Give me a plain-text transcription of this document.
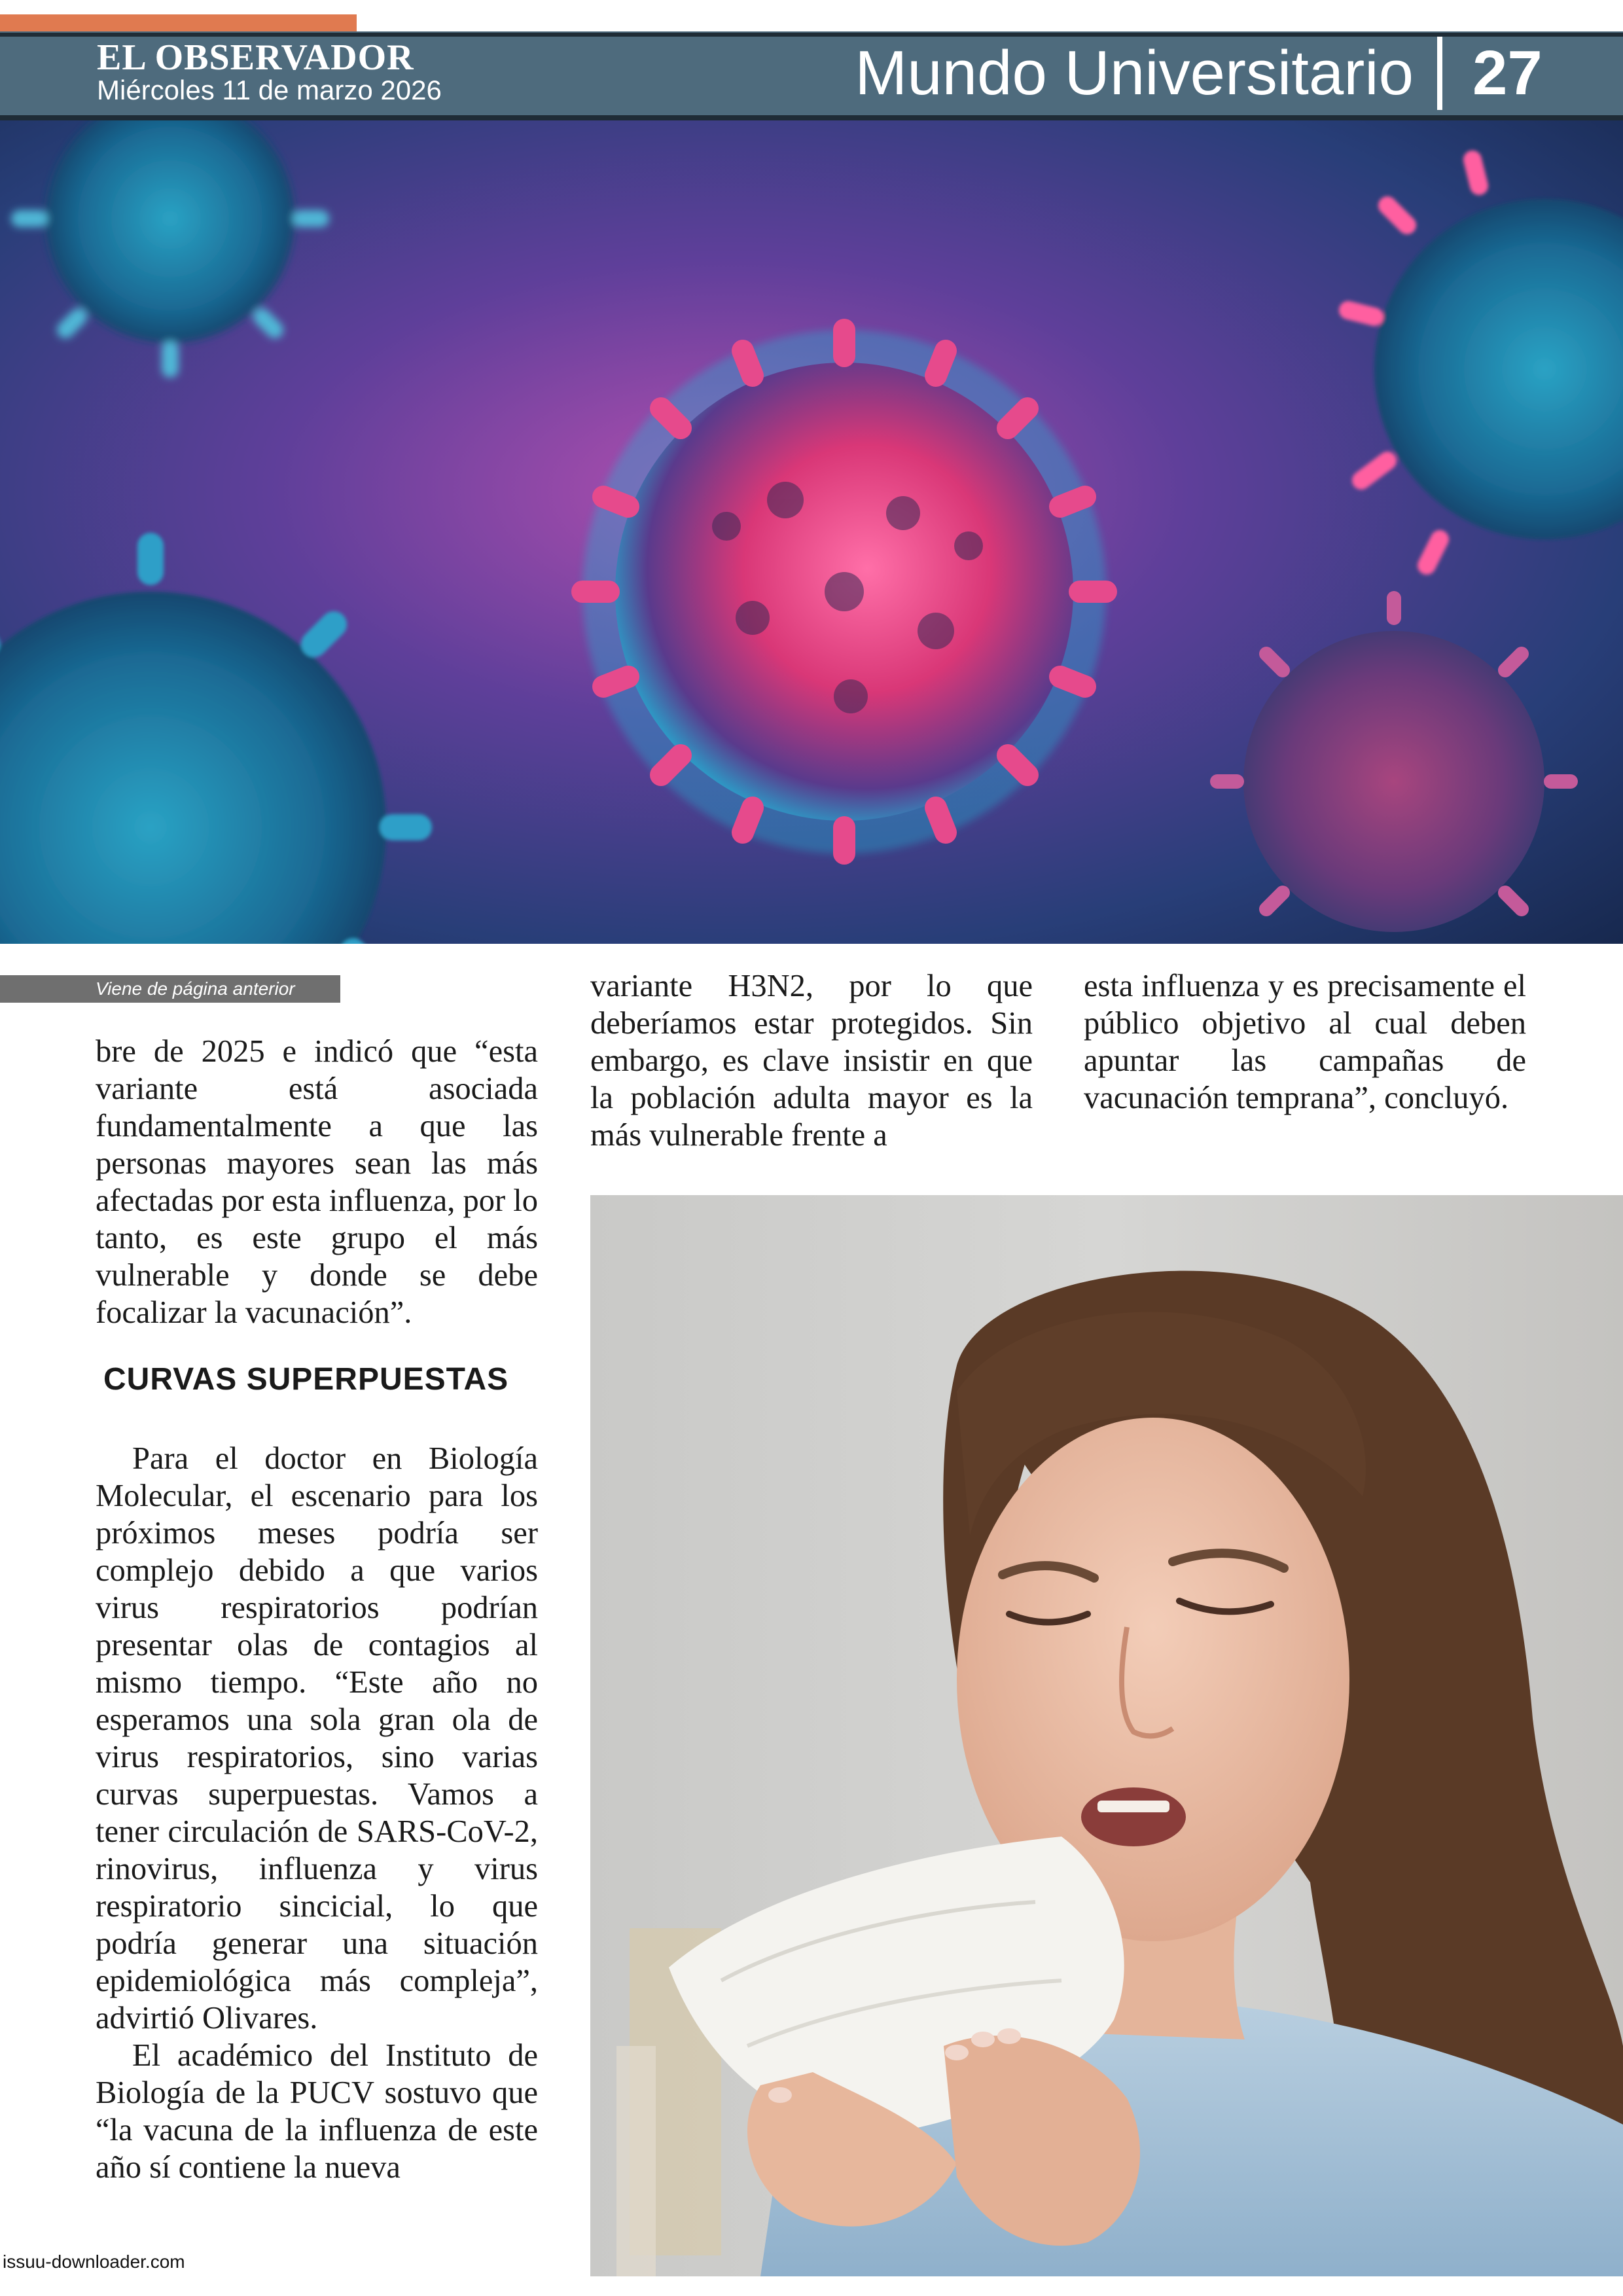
EL OBSERVADOR
Miércoles 11 de marzo 2026	Mundo Universitario 27
Viene de página anterior

bre de 2025 e indicó que “esta variante está asociada fundamentalmente a que las personas mayores sean las más afectadas por esta influenza, por lo tanto, es este grupo el más vulnerable y donde se debe focalizar la vacunación”.

CURVAS SUPERPUESTAS

Para el doctor en Biología Molecular, el escenario para los próximos meses podría ser complejo debido a que varios virus respiratorios podrían presentar olas de contagios al mismo tiempo. “Este año no esperamos una sola gran ola de virus respiratorios, sino varias curvas superpuestas. Vamos a tener circulación de SARS-CoV-2, rinovirus, influenza y virus respiratorio sincicial, lo que podría generar una situación epidemiológica más compleja”, advirtió Olivares.

El académico del Instituto de Biología de la PUCV sostuvo que “la vacuna de la influenza de este año sí contiene la nueva

variante H3N2, por lo que deberíamos estar protegidos. Sin embargo, es clave insistir en que la población adulta mayor es la más vulnerable frente a

esta influenza y es precisamente el público objetivo al cual deben apuntar las campañas de vacunación temprana”, concluyó.

issuu-downloader.com
